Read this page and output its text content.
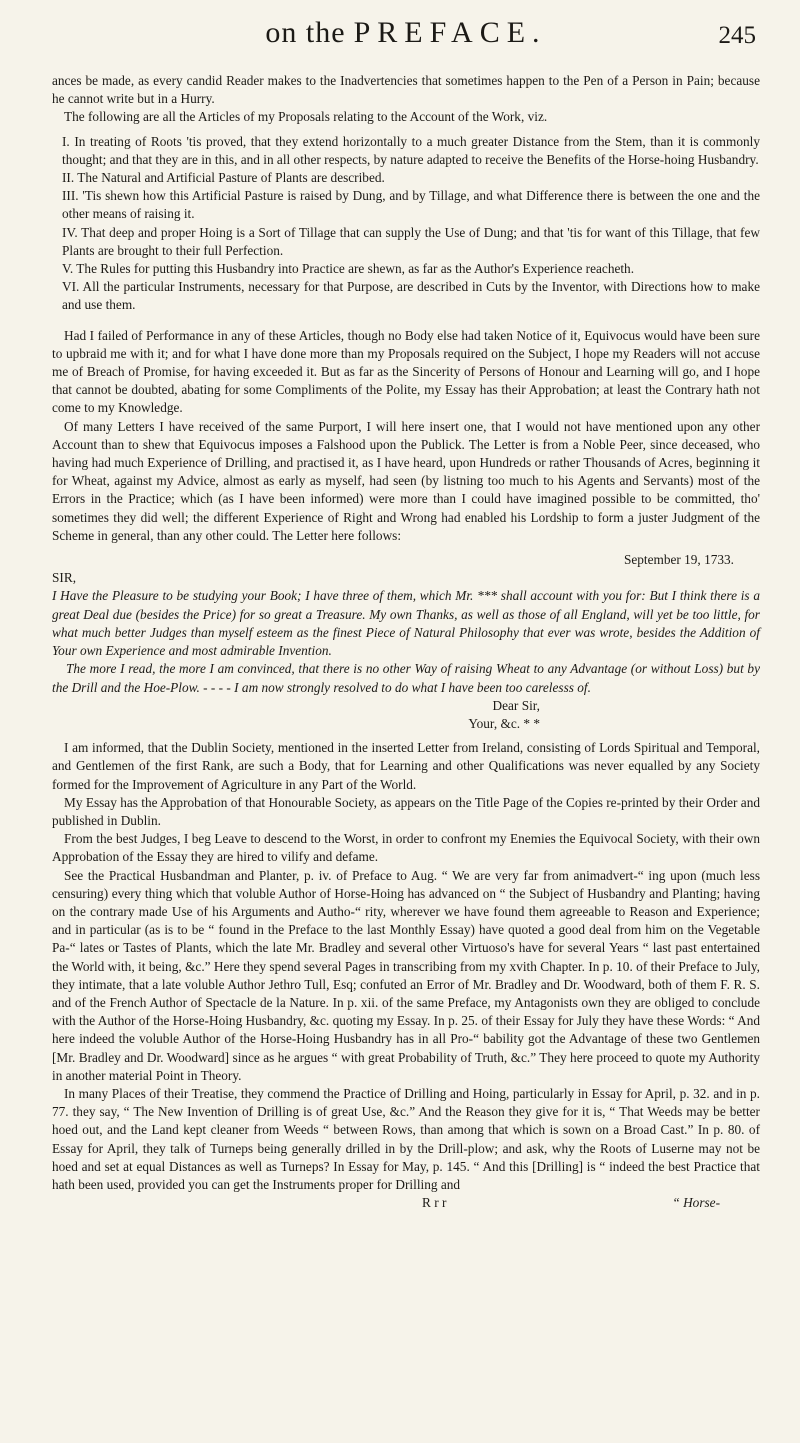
on the PREFACE.	245

ances be made, as every candid Reader makes to the Inadvertencies that sometimes happen to the Pen of a Person in Pain; because he cannot write but in a Hurry.

The following are all the Articles of my Proposals relating to the Account of the Work, viz.

I. In treating of Roots 'tis proved, that they extend horizontally to a much greater Distance from the Stem, than it is commonly thought; and that they are in this, and in all other respects, by nature adapted to receive the Benefits of the Horse-hoing Husbandry.

II. The Natural and Artificial Pasture of Plants are described.

III. 'Tis shewn how this Artificial Pasture is raised by Dung, and by Tillage, and what Difference there is between the one and the other means of raising it.

IV. That deep and proper Hoing is a Sort of Tillage that can supply the Use of Dung; and that 'tis for want of this Tillage, that few Plants are brought to their full Perfection.

V. The Rules for putting this Husbandry into Practice are shewn, as far as the Author's Experience reacheth.

VI. All the particular Instruments, necessary for that Purpose, are described in Cuts by the Inventor, with Directions how to make and use them.

Had I failed of Performance in any of these Articles, though no Body else had taken Notice of it, Equivocus would have been sure to upbraid me with it; and for what I have done more than my Proposals required on the Subject, I hope my Readers will not accuse me of Breach of Promise, for having exceeded it. But as far as the Sincerity of Persons of Honour and Learning will go, and I hope that cannot be doubted, abating for some Compliments of the Polite, my Essay has their Approbation; at least the Contrary hath not come to my Knowledge.

Of many Letters I have received of the same Purport, I will here insert one, that I would not have mentioned upon any other Account than to shew that Equivocus imposes a Falshood upon the Publick. The Letter is from a Noble Peer, since deceased, who having had much Experience of Drilling, and practised it, as I have heard, upon Hundreds or rather Thousands of Acres, beginning it for Wheat, against my Advice, almost as early as myself, had seen (by listning too much to his Agents and Servants) most of the Errors in the Practice; which (as I have been informed) were more than I could have imagined possible to be committed, tho' sometimes they did well; the different Experience of Right and Wrong had enabled his Lordship to form a juster Judgment of the Scheme in general, than any other could. The Letter here follows:

September 19, 1733.
SIR,

I Have the Pleasure to be studying your Book; I have three of them, which Mr. *** shall account with you for: But I think there is a great Deal due (besides the Price) for so great a Treasure. My own Thanks, as well as those of all England, will yet be too little, for what much better Judges than myself esteem as the finest Piece of Natural Philosophy that ever was wrote, besides the Addition of Your own Experience and most admirable Invention.

The more I read, the more I am convinced, that there is no other Way of raising Wheat to any Advantage (or without Loss) but by the Drill and the Hoe-Plow. - - - - I am now strongly resolved to do what I have been too carelesss of.

Dear Sir,
Your, &c. * *

I am informed, that the Dublin Society, mentioned in the inserted Letter from Ireland, consisting of Lords Spiritual and Temporal, and Gentlemen of the first Rank, are such a Body, that for Learning and other Qualifications was never equalled by any Society formed for the Improvement of Agriculture in any Part of the World.

My Essay has the Approbation of that Honourable Society, as appears on the Title Page of the Copies re-printed by their Order and published in Dublin.

From the best Judges, I beg Leave to descend to the Worst, in order to confront my Enemies the Equivocal Society, with their own Approbation of the Essay they are hired to vilify and defame.

See the Practical Husbandman and Planter, p. iv. of Preface to Aug. “ We are very far from animadvert-“ ing upon (much less censuring) every thing which that voluble Author of Horse-Hoing has advanced on “ the Subject of Husbandry and Planting; having on the contrary made Use of his Arguments and Autho-“ rity, wherever we have found them agreeable to Reason and Experience; and in particular (as is to be “ found in the Preface to the last Monthly Essay) have quoted a good deal from him on the Vegetable Pa-“ lates or Tastes of Plants, which the late Mr. Bradley and several other Virtuoso's have for several Years “ last past entertained the World with, it being, &c.” Here they spend several Pages in transcribing from my xvith Chapter. In p. 10. of their Preface to July, they intimate, that a late voluble Author Jethro Tull, Esq; confuted an Error of Mr. Bradley and Dr. Woodward, both of them F. R. S. and of the French Author of Spectacle de la Nature. In p. xii. of the same Preface, my Antagonists own they are obliged to conclude with the Author of the Horse-Hoing Husbandry, &c. quoting my Essay. In p. 25. of their Essay for July they have these Words: “ And here indeed the voluble Author of the Horse-Hoing Husbandry has in all Pro-“ bability got the Advantage of these two Gentlemen [Mr. Bradley and Dr. Woodward] since as he argues “ with great Probability of Truth, &c.” They here proceed to quote my Authority in another material Point in Theory.

In many Places of their Treatise, they commend the Practice of Drilling and Hoing, particularly in Essay for April, p. 32. and in p. 77. they say, “ The New Invention of Drilling is of great Use, &c.” And the Reason they give for it is, “ That Weeds may be better hoed out, and the Land kept cleaner from Weeds “ between Rows, than among that which is sown on a Broad Cast.” In p. 80. of Essay for April, they talk of Turneps being generally drilled in by the Drill-plow; and ask, why the Roots of Luserne may not be hoed and set at equal Distances as well as Turneps? In Essay for May, p. 145. “ And this [Drilling] is “ indeed the best Practice that hath been used, provided you can get the Instruments proper for Drilling and

R r r	“ Horse-
